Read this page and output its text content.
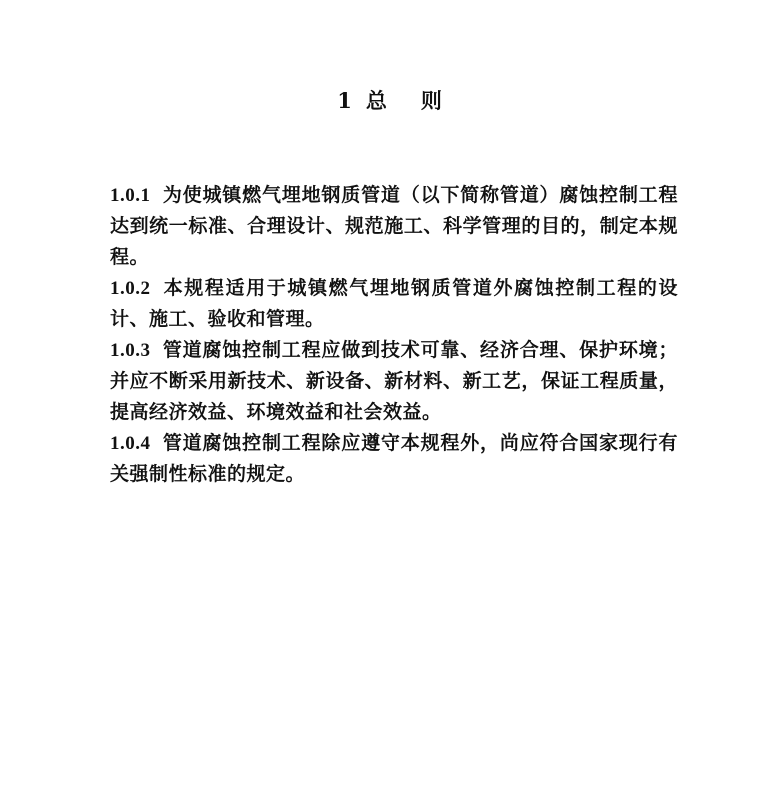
1 总 则

1.0.1 为使城镇燃气埋地钢质管道（以下简称管道）腐蚀控制工程达到统一标准、合理设计、规范施工、科学管理的目的，制定本规程。

1.0.2 本规程适用于城镇燃气埋地钢质管道外腐蚀控制工程的设计、施工、验收和管理。

1.0.3 管道腐蚀控制工程应做到技术可靠、经济合理、保护环境；并应不断采用新技术、新设备、新材料、新工艺，保证工程质量，提高经济效益、环境效益和社会效益。

1.0.4 管道腐蚀控制工程除应遵守本规程外，尚应符合国家现行有关强制性标准的规定。
